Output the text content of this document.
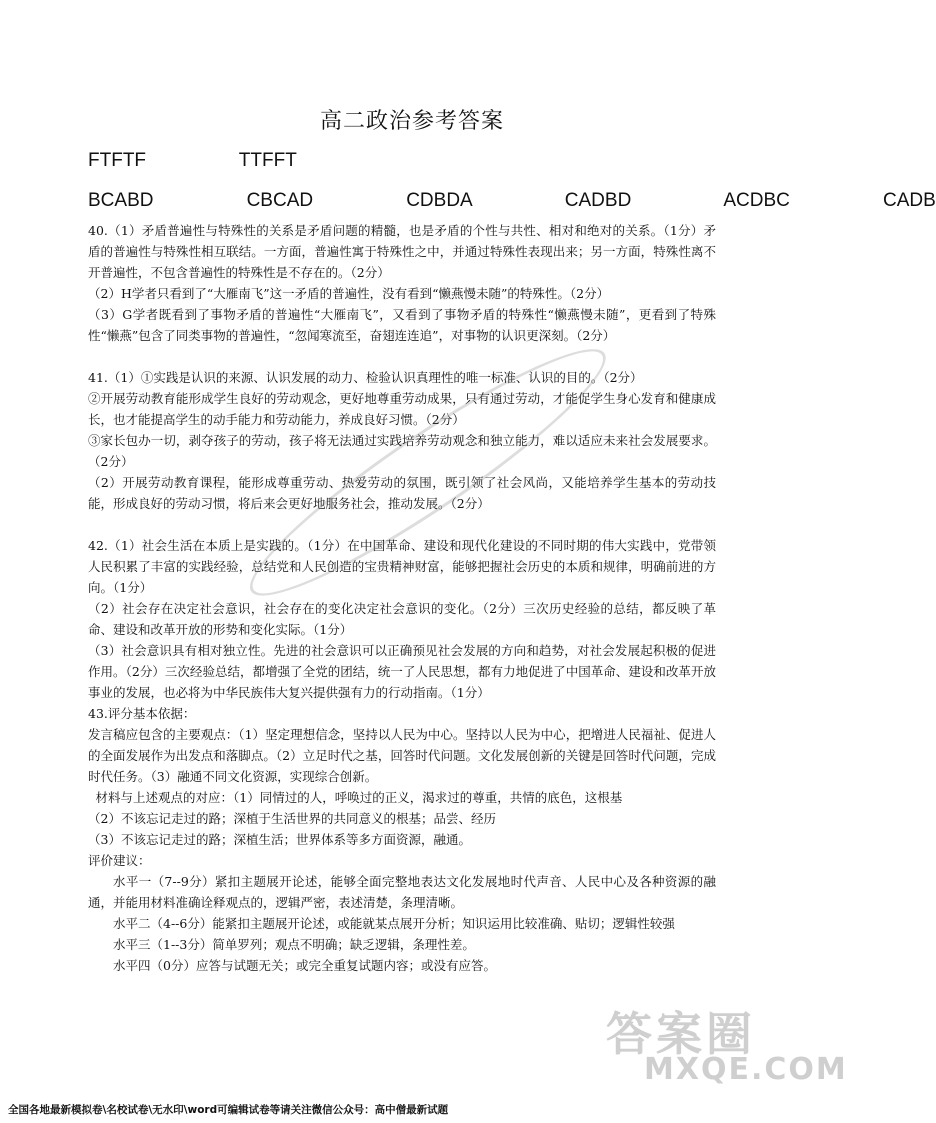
高二政治参考答案
FTFTF    TTFFT
BCABD    CBCAD    CDBDA    CADBD    ACDBC    CADB

40.（1）矛盾普遍性与特殊性的关系是矛盾问题的精髓，也是矛盾的个性与共性、相对和绝对的关系。（1分）矛盾的普遍性与特殊性相互联结。一方面，普遍性寓于特殊性之中，并通过特殊性表现出来；另一方面，特殊性离不开普遍性，不包含普遍性的特殊性是不存在的。（2分）

（2）H学者只看到了“大雁南飞”这一矛盾的普遍性，没有看到“懒燕慢未随”的特殊性。（2分）

（3）G学者既看到了事物矛盾的普遍性“大雁南飞”，又看到了事物矛盾的特殊性“懒燕慢未随”，更看到了特殊性“懒燕”包含了同类事物的普遍性，“忽闻寒流至，奋翅连连追”，对事物的认识更深刻。（2分）

41.（1）①实践是认识的来源、认识发展的动力、检验认识真理性的唯一标准、认识的目的。（2分）

②开展劳动教育能形成学生良好的劳动观念，更好地尊重劳动成果，只有通过劳动，才能促学生身心发育和健康成长，也才能提高学生的动手能力和劳动能力，养成良好习惯。（2分）

③家长包办一切，剥夺孩子的劳动，孩子将无法通过实践培养劳动观念和独立能力，难以适应未来社会发展要求。（2分）

（2）开展劳动教育课程，能形成尊重劳动、热爱劳动的氛围，既引领了社会风尚，又能培养学生基本的劳动技能，形成良好的劳动习惯，将后来会更好地服务社会，推动发展。（2分）

42.（1）社会生活在本质上是实践的。（1分）在中国革命、建设和现代化建设的不同时期的伟大实践中，党带领人民积累了丰富的实践经验，总结党和人民创造的宝贵精神财富，能够把握社会历史的本质和规律，明确前进的方向。（1分）

（2）社会存在决定社会意识，社会存在的变化决定社会意识的变化。（2分）三次历史经验的总结，都反映了革命、建设和改革开放的形势和变化实际。（1分）

（3）社会意识具有相对独立性。先进的社会意识可以正确预见社会发展的方向和趋势，对社会发展起积极的促进作用。（2分）三次经验总结，都增强了全党的团结，统一了人民思想，都有力地促进了中国革命、建设和改革开放事业的发展，也必将为中华民族伟大复兴提供强有力的行动指南。（1分）

43.评分基本依据：

发言稿应包含的主要观点：（1）坚定理想信念，坚持以人民为中心。坚持以人民为中心，把增进人民福祉、促进人的全面发展作为出发点和落脚点。（2）立足时代之基，回答时代问题。文化发展创新的关键是回答时代问题，完成时代任务。（3）融通不同文化资源，实现综合创新。

材料与上述观点的对应：（1）同情过的人，呼唤过的正义，渴求过的尊重，共情的底色，这根基

（2）不该忘记走过的路；深植于生活世界的共同意义的根基；品尝、经历

（3）不该忘记走过的路；深植生活；世界体系等多方面资源，融通。

评价建议：

水平一（7--9分）紧扣主题展开论述，能够全面完整地表达文化发展地时代声音、人民中心及各种资源的融通，并能用材料准确诠释观点的，逻辑严密，表述清楚，条理清晰。

水平二（4--6分）能紧扣主题展开论述，或能就某点展开分析；知识运用比较准确、贴切；逻辑性较强

水平三（1--3分）简单罗列；观点不明确；缺乏逻辑，条理性差。

水平四（0分）应答与试题无关；或完全重复试题内容；或没有应答。

答案圈
MXQE.COM
全国各地最新模拟卷\名校试卷\无水印\word可编辑试卷等请关注微信公众号：高中僧最新试题
